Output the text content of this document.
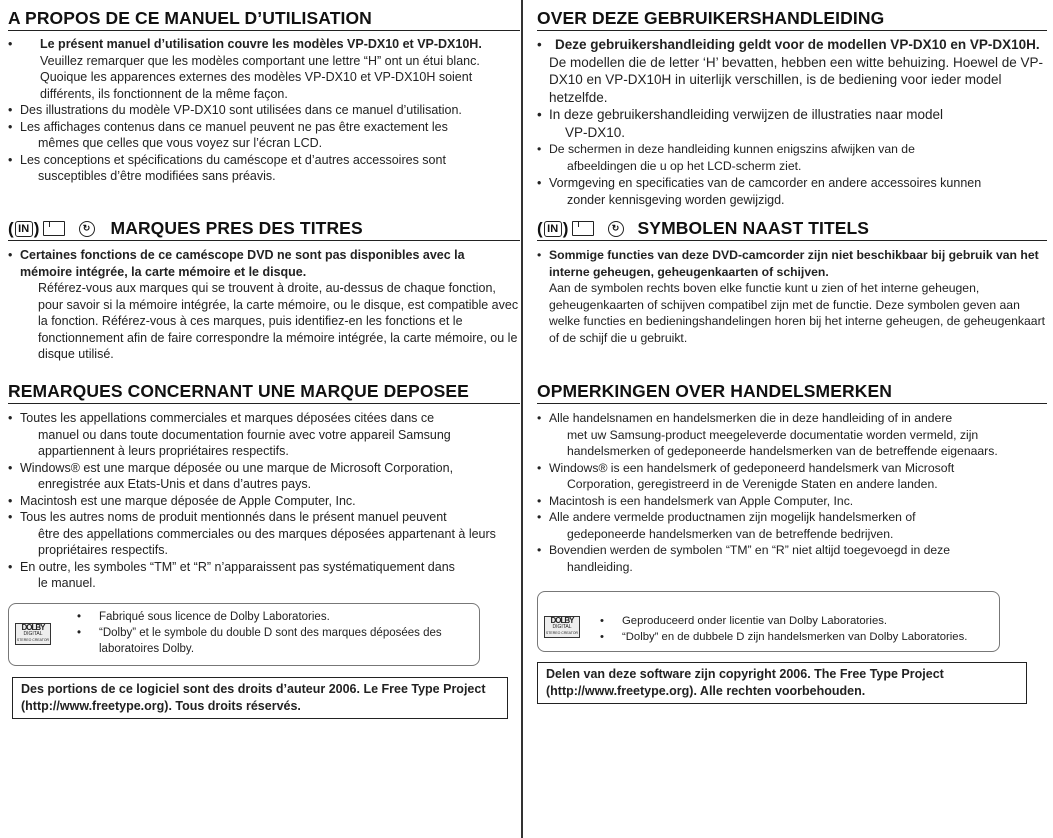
A PROPOS DE CE MANUEL D’UTILISATION
• Le présent manuel d’utilisation couvre les modèles VP-DX10 et VP-DX10H.
Veuillez remarquer que les modèles comportant une lettre “H” ont un étui blanc. Quoique les apparences externes des modèles VP-DX10 et VP-DX10H soient différents, ils fonctionnent de la même façon.
• Des illustrations du modèle VP-DX10 sont utilisées dans ce manuel d’utilisation.
• Les affichages contenus dans ce manuel peuvent ne pas être exactement les
mêmes que celles que vous voyez sur l’écran LCD.
• Les conceptions et spécifications du caméscope et d’autres accessoires sont
susceptibles d’être modifiées sans préavis.
( IN )	↻ MARQUES PRES DES TITRES
• Certaines fonctions de ce caméscope DVD ne sont pas disponibles avec la mémoire intégrée, la carte mémoire et le disque.
Référez-vous aux marques qui se trouvent à droite, au-dessus de chaque fonction, pour savoir si la mémoire intégrée, la carte mémoire, ou le disque, est compatible avec la fonction. Référez-vous à ces marques, puis identifiez-en les fonctions et le fonctionnement afin de faire correspondre la mémoire intégrée, la carte mémoire, ou le disque utilisé.
REMARQUES CONCERNANT UNE MARQUE DEPOSEE
• Toutes les appellations commerciales et marques déposées citées dans ce
manuel ou dans toute documentation fournie avec votre appareil Samsung appartiennent à leurs propriétaires respectifs.
• Windows® est une marque déposée ou une marque de Microsoft Corporation,
enregistrée aux Etats-Unis et dans d’autres pays.
• Macintosh est une marque déposée de Apple Computer, Inc.
• Tous les autres noms de produit mentionnés dans le présent manuel peuvent
être des appellations commerciales ou des marques déposées appartenant à leurs propriétaires respectifs.
• En outre, les symboles “TM” et “R” n’apparaissent pas systématiquement dans
le manuel.
DOLBY
DIGITAL
STEREO CREATOR
• Fabriqué sous licence de Dolby Laboratories.
• “Dolby” et le symbole du double D sont des marques déposées des laboratoires Dolby.
Des portions de ce logiciel sont des droits d’auteur 2006. Le Free Type Project (http://www.freetype.org). Tous droits réservés.
OVER DEZE GEBRUIKERSHANDLEIDING
• Deze gebruikershandleiding geldt voor de modellen VP-DX10 en VP-DX10H. De modellen die de letter ‘H’ bevatten, hebben een witte behuizing. Hoewel de VP-DX10 en VP-DX10H in uiterlijk verschillen, is de bediening voor ieder model hetzelfde.
• In deze gebruikershandleiding verwijzen de illustraties naar model
VP-DX10.
• De schermen in deze handleiding kunnen enigszins afwijken van de
afbeeldingen die u op het LCD-scherm ziet.
• Vormgeving en specificaties van de camcorder en andere accessoires kunnen
zonder kennisgeving worden gewijzigd.
( IN )	↻ SYMBOLEN NAAST TITELS
• Sommige functies van deze DVD-camcorder zijn niet beschikbaar bij gebruik van het interne geheugen, geheugenkaarten of schijven.
Aan de symbolen rechts boven elke functie kunt u zien of het interne geheugen, geheugenkaarten of schijven compatibel zijn met de functie. Deze symbolen geven aan welke functies en bedieningshandelingen horen bij het interne geheugen, de geheugenkaart of de schijf die u gebruikt.
OPMERKINGEN OVER HANDELSMERKEN
• Alle handelsnamen en handelsmerken die in deze handleiding of in andere
met uw Samsung-product meegeleverde documentatie worden vermeld, zijn handelsmerken of gedeponeerde handelsmerken van de betreffende eigenaars.
• Windows® is een handelsmerk of gedeponeerd handelsmerk van Microsoft
Corporation, geregistreerd in de Verenigde Staten en andere landen.
• Macintosh is een handelsmerk van Apple Computer, Inc.
• Alle andere vermelde productnamen zijn mogelijk handelsmerken of
gedeponeerde handelsmerken van de betreffende bedrijven.
• Bovendien werden de symbolen “TM” en “R” niet altijd toegevoegd in deze
handleiding.
DOLBY
DIGITAL
STEREO CREATOR
• Geproduceerd onder licentie van Dolby Laboratories.
• “Dolby” en de dubbele D zijn handelsmerken van Dolby Laboratories.
Delen van deze software zijn copyright 2006. The Free Type Project (http://www.freetype.org). Alle rechten voorbehouden.
